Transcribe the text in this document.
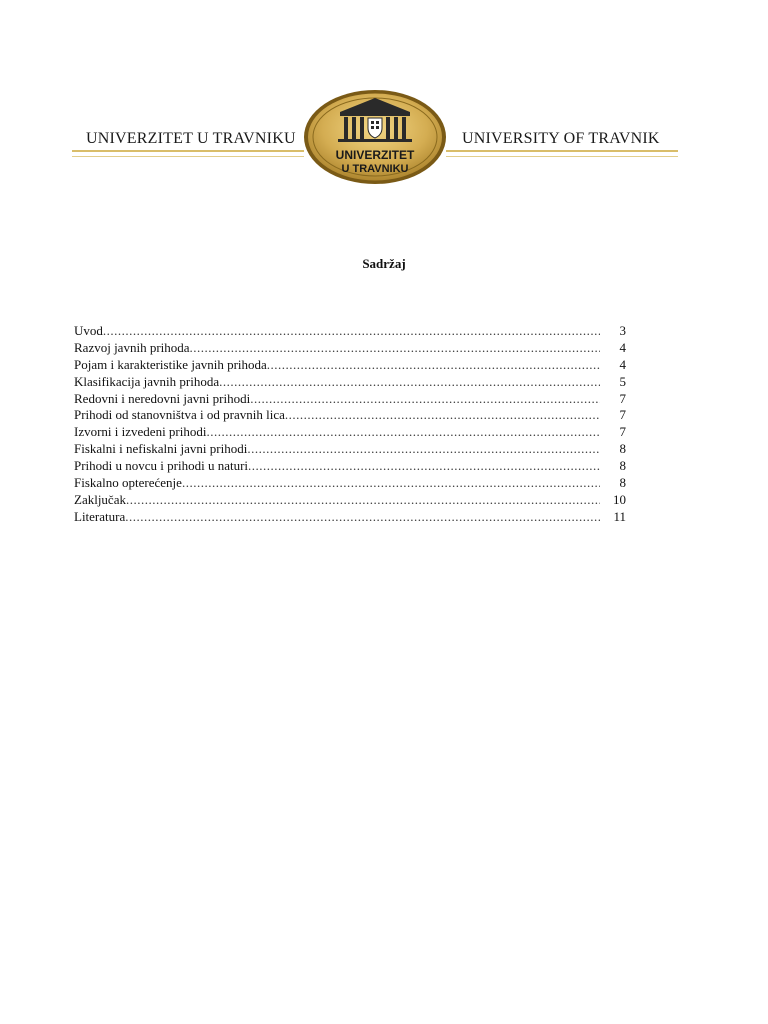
UNIVERZITET U TRAVNIKU	UNIVERSITY OF TRAVNIK
UNIVERZITET
U TRAVNIKU
Sadržaj
Uvod .....	3
Razvoj javnih prihoda .....	4
Pojam i karakteristike javnih prihoda .....	4
Klasifikacija javnih prihoda .....	5
Redovni i neredovni javni prihodi .....	7
Prihodi od stanovništva i od pravnih lica .....	7
Izvorni i izvedeni prihodi .....	7
Fiskalni i nefiskalni javni prihodi .....	8
Prihodi u novcu i prihodi u naturi .....	8
Fiskalno opterećenje .....	8
Zaključak .....	10
Literatura .....	11
